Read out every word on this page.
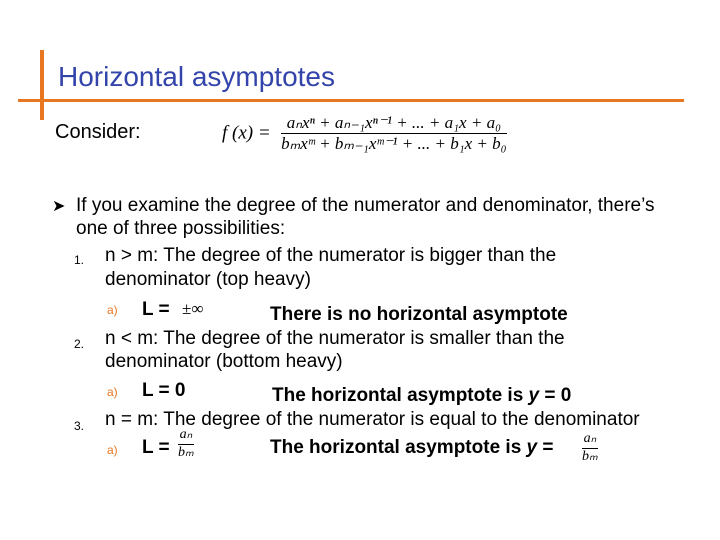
Horizontal asymptotes
Consider:	f $(x) = \frac{\text{aₙxⁿ + aₙ₋₁xⁿ⁻¹ + ... + a₁x + a₀}}{\text{bₘxᵐ + bₘ₋₁xᵐ⁻¹ + ... + b₁x + b₀}}$
➤ If you examine the degree of the numerator and denominator, there’s
one of three possibilities:
1. n > m: The degree of the numerator is bigger than the
denominator (top heavy)
a) L = ±∞	There is no horizontal asymptote
2. n < m: The degree of the numerator is smaller than the
denominator (bottom heavy)
a) L = 0	The horizontal asymptote is y = 0
3. n = m: The degree of the numerator is equal to the denominator
a) $L = \frac{\text{aₙ}}{\text{bₘ}}$	The horizontal asymptote is $y = \frac{\text{aₙ}}{\text{bₘ}}$
